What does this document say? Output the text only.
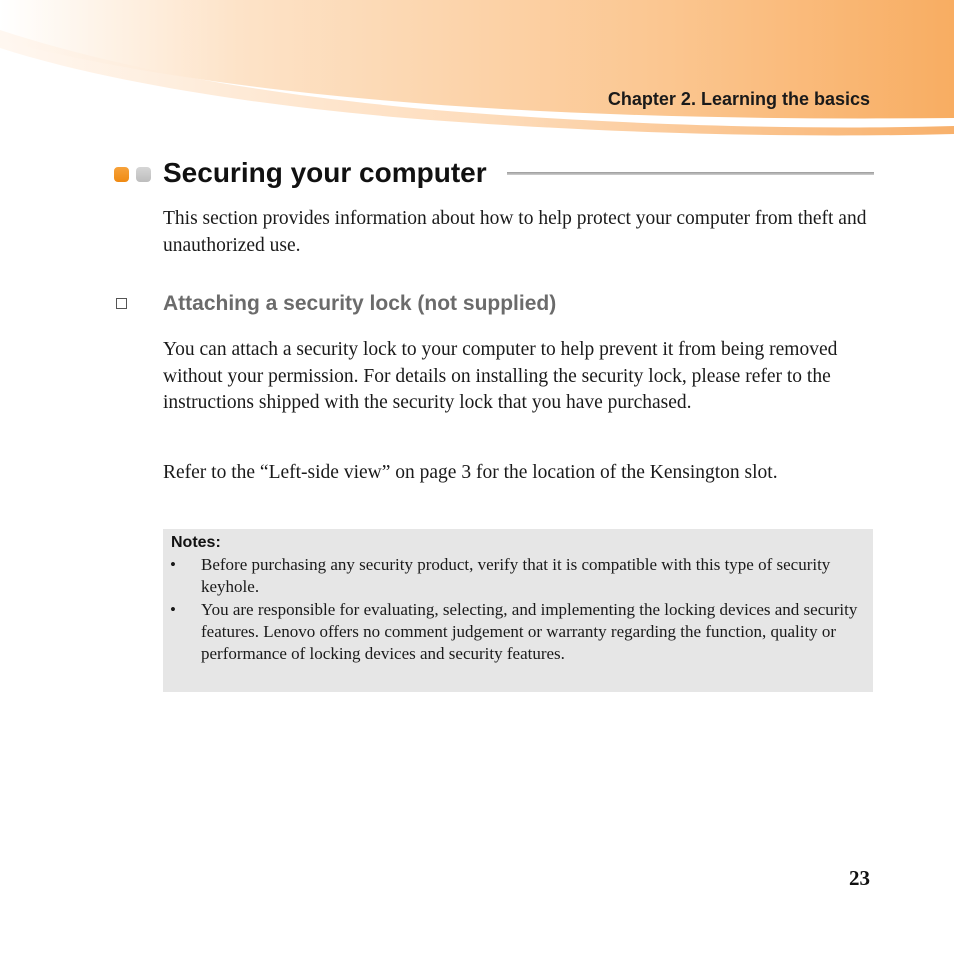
Chapter 2. Learning the basics
Securing your computer

This section provides information about how to help protect your computer from theft and unauthorized use.

Attaching a security lock (not supplied)

You can attach a security lock to your computer to help prevent it from being removed without your permission. For details on installing the security lock, please refer to the instructions shipped with the security lock that you have purchased.

Refer to the “Left-side view” on page 3 for the location of the Kensington slot.

Notes:
• Before purchasing any security product, verify that it is compatible with this type of security keyhole.

• You are responsible for evaluating, selecting, and implementing the locking devices and security features. Lenovo offers no comment judgement or warranty regarding the function, quality or performance of locking devices and security features.

23
